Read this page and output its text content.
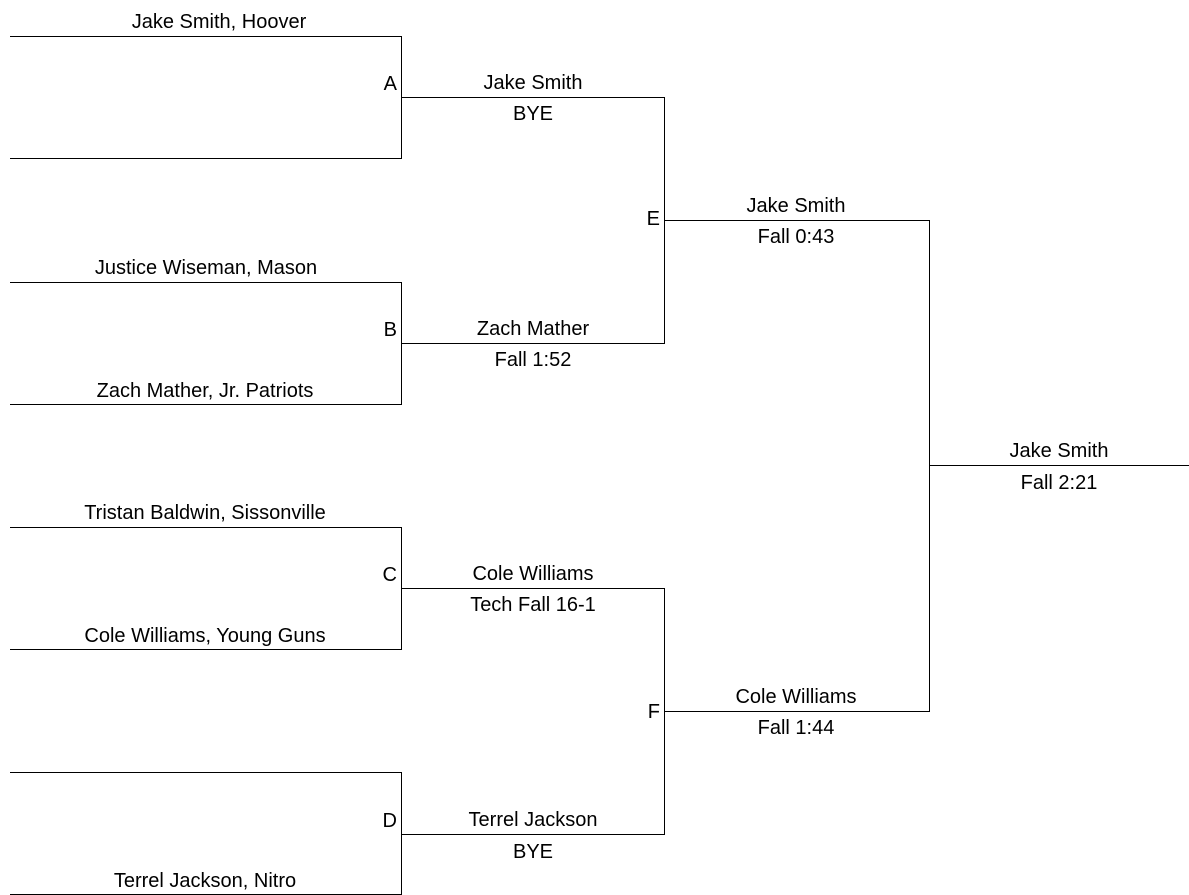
Jake Smith, Hoover
Justice Wiseman, Mason
Zach Mather, Jr. Patriots
Tristan Baldwin, Sissonville
Cole Williams, Young Guns
Terrel Jackson, Nitro
A
B
C
D
E
F
Jake Smith
BYE
Zach Mather
Fall 1:52
Cole Williams
Tech Fall 16-1
Terrel Jackson
BYE
Jake Smith
Fall 0:43
Cole Williams
Fall 1:44
Jake Smith
Fall 2:21
